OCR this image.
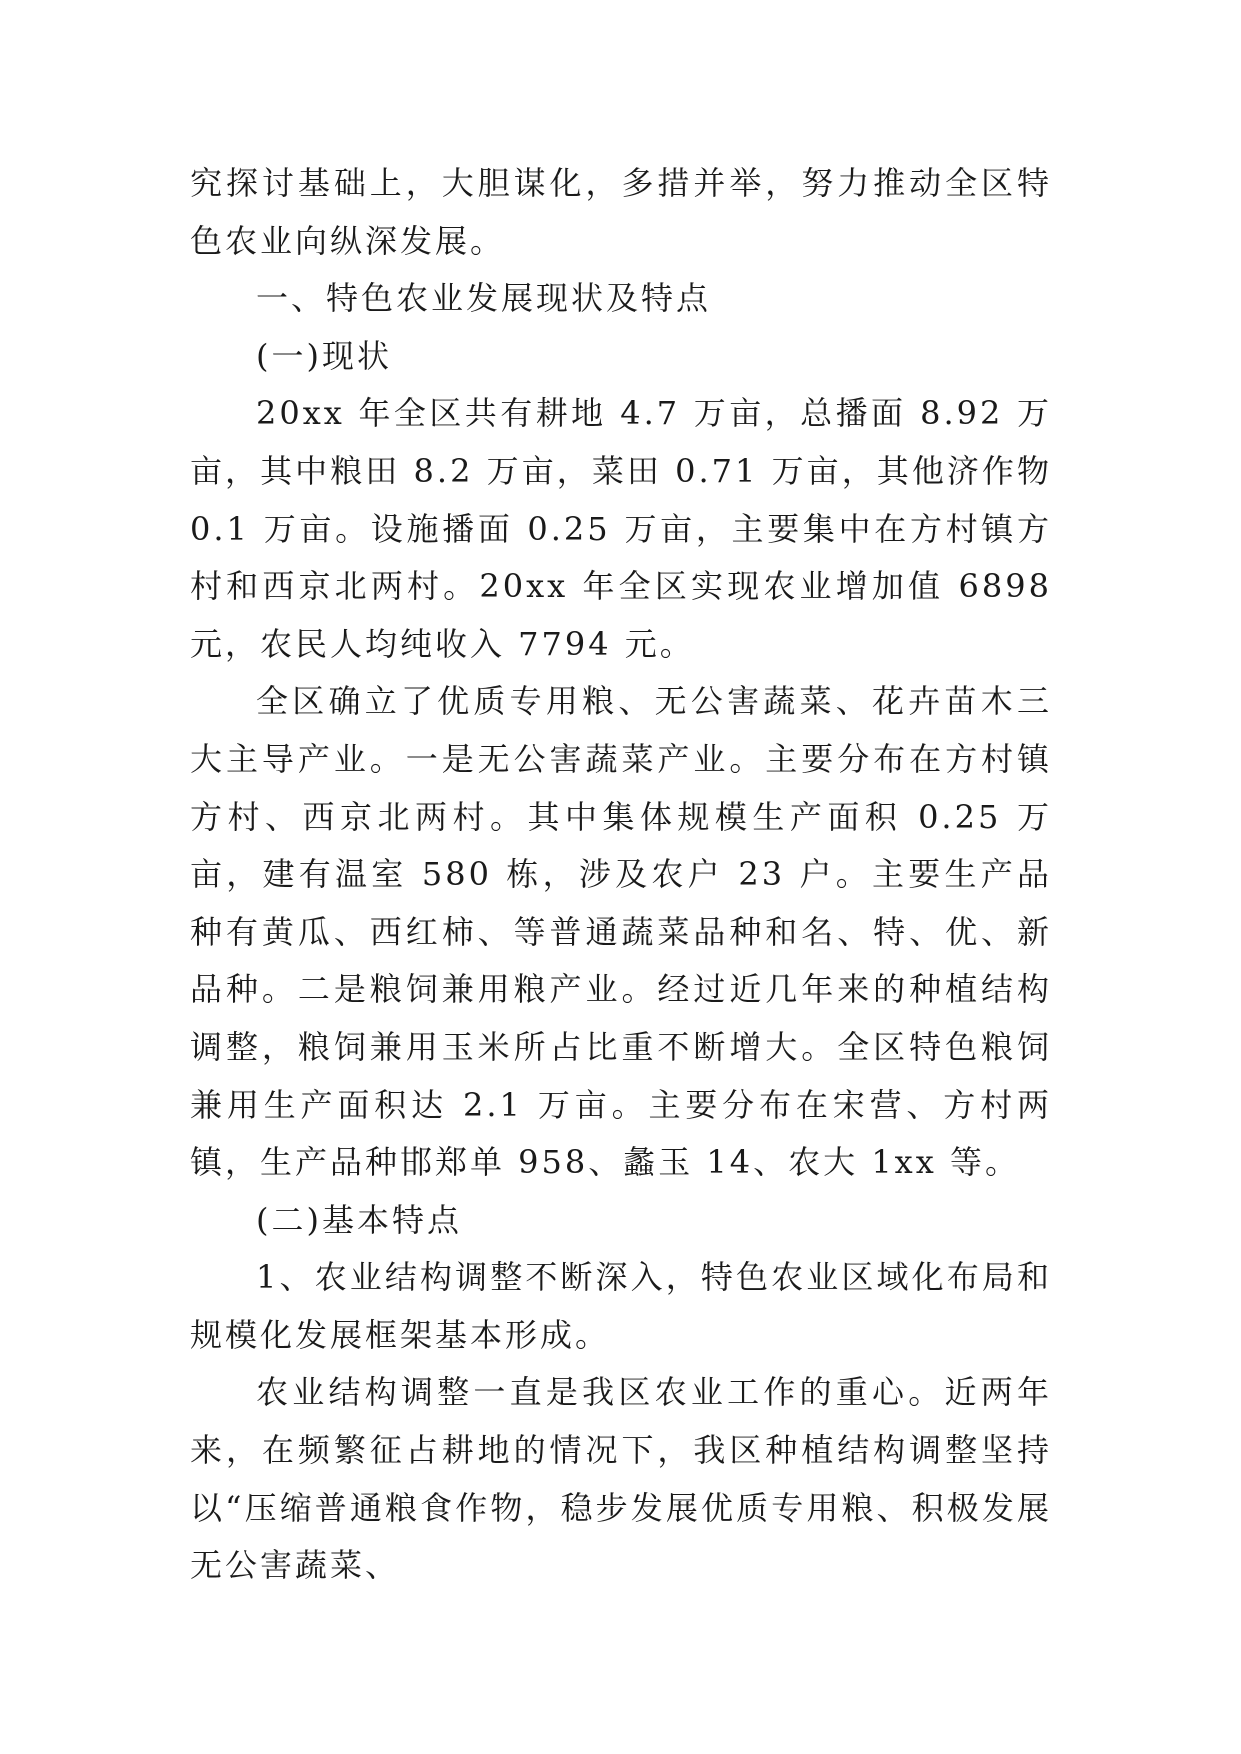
究探讨基础上，大胆谋化，多措并举，努力推动全区特色农业向纵深发展。

一、特色农业发展现状及特点

(一)现状

20xx 年全区共有耕地 4.7 万亩，总播面 8.92 万亩，其中粮田 8.2 万亩，菜田 0.71 万亩，其他济作物 0.1 万亩。设施播面 0.25 万亩，主要集中在方村镇方村和西京北两村。20xx 年全区实现农业增加值 6898 元，农民人均纯收入 7794 元。

全区确立了优质专用粮、无公害蔬菜、花卉苗木三大主导产业。一是无公害蔬菜产业。主要分布在方村镇方村、西京北两村。其中集体规模生产面积 0.25 万亩，建有温室 580 栋，涉及农户 23 户。主要生产品种有黄瓜、西红柿、等普通蔬菜品种和名、特、优、新品种。二是粮饲兼用粮产业。经过近几年来的种植结构调整，粮饲兼用玉米所占比重不断增大。全区特色粮饲兼用生产面积达 2.1 万亩。主要分布在宋营、方村两镇，生产品种邯郑单 958、蠡玉 14、农大 1xx 等。

(二)基本特点

1、农业结构调整不断深入，特色农业区域化布局和规模化发展框架基本形成。

农业结构调整一直是我区农业工作的重心。近两年来，在频繁征占耕地的情况下，我区种植结构调整坚持以“压缩普通粮食作物，稳步发展优质专用粮、积极发展无公害蔬菜、
